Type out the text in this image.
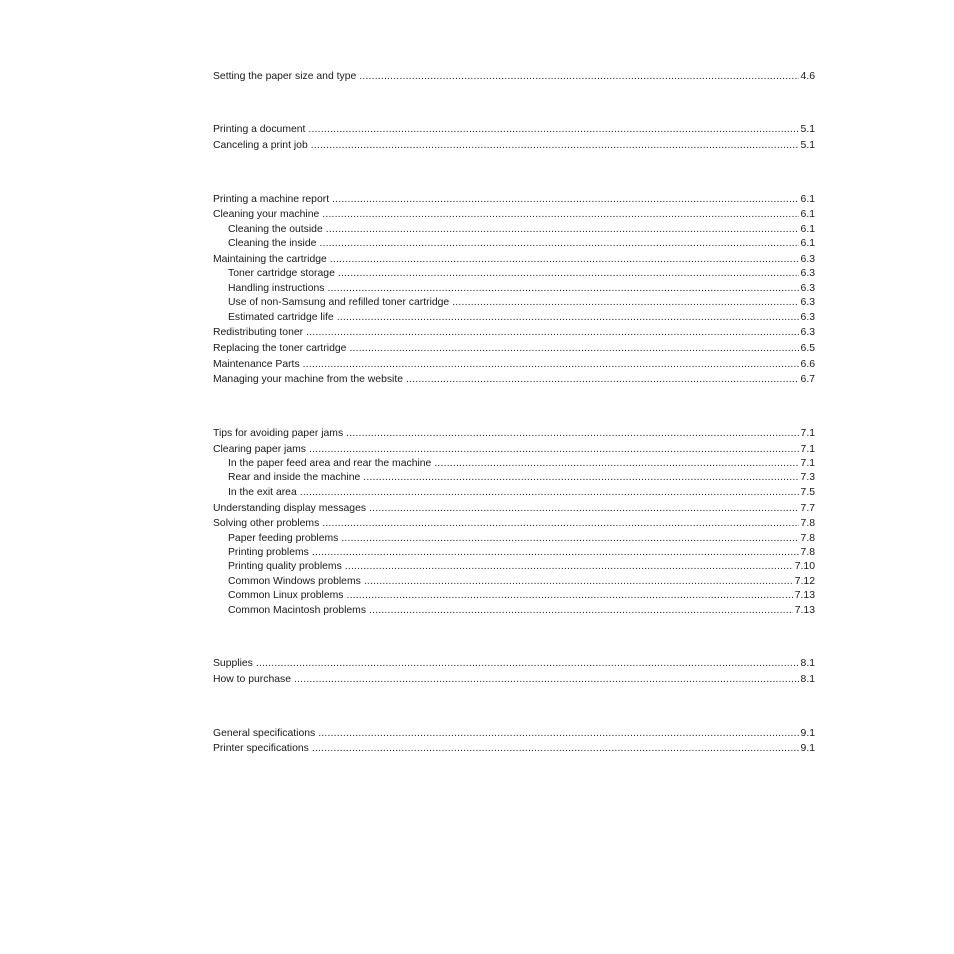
Setting the paper size and type .....	4.6
Printing a document .....	5.1
Canceling a print job .....	5.1
Printing a machine report .....	6.1
Cleaning your machine .....	6.1
Cleaning the outside .....	6.1
Cleaning the inside .....	6.1
Maintaining the cartridge .....	6.3
Toner cartridge storage .....	6.3
Handling instructions .....	6.3
Use of non-Samsung and refilled toner cartridge .....	6.3
Estimated cartridge life .....	6.3
Redistributing toner .....	6.3
Replacing the toner cartridge .....	6.5
Maintenance Parts .....	6.6
Managing your machine from the website .....	6.7
Tips for avoiding paper jams .....	7.1
Clearing paper jams .....	7.1
In the paper feed area and rear the machine .....	7.1
Rear and inside the machine .....	7.3
In the exit area .....	7.5
Understanding display messages .....	7.7
Solving other problems .....	7.8
Paper feeding problems .....	7.8
Printing problems .....	7.8
Printing quality problems .....	7.10
Common Windows problems .....	7.12
Common Linux problems .....	7.13
Common Macintosh problems .....	7.13
Supplies .....	8.1
How to purchase .....	8.1
General specifications .....	9.1
Printer specifications .....	9.1
